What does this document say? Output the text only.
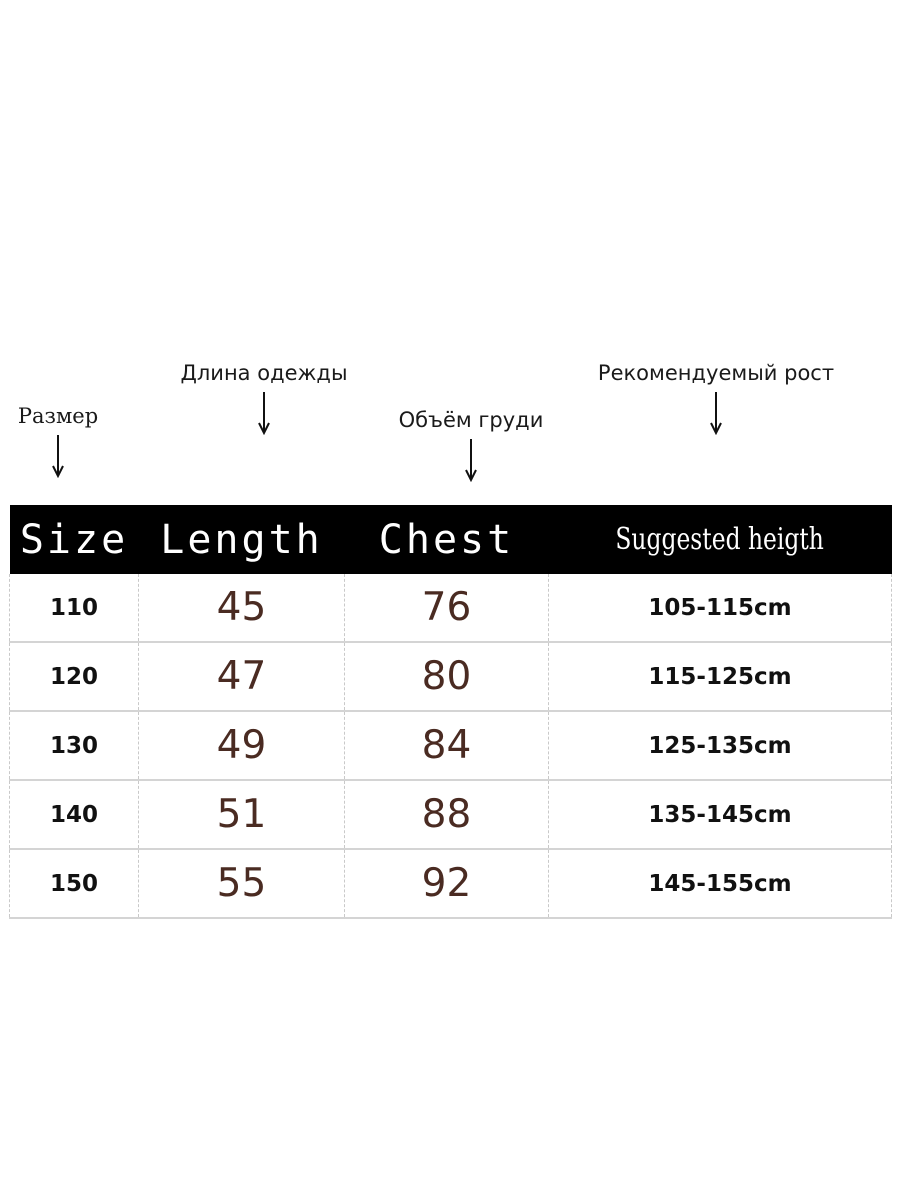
Размер
Длина одежды
Объём груди
Рекомендуемый рост
Size	Length	Chest	Suggested heigth
110	45	76	105-115cm
120	47	80	115-125cm
130	49	84	125-135cm
140	51	88	135-145cm
150	55	92	145-155cm
